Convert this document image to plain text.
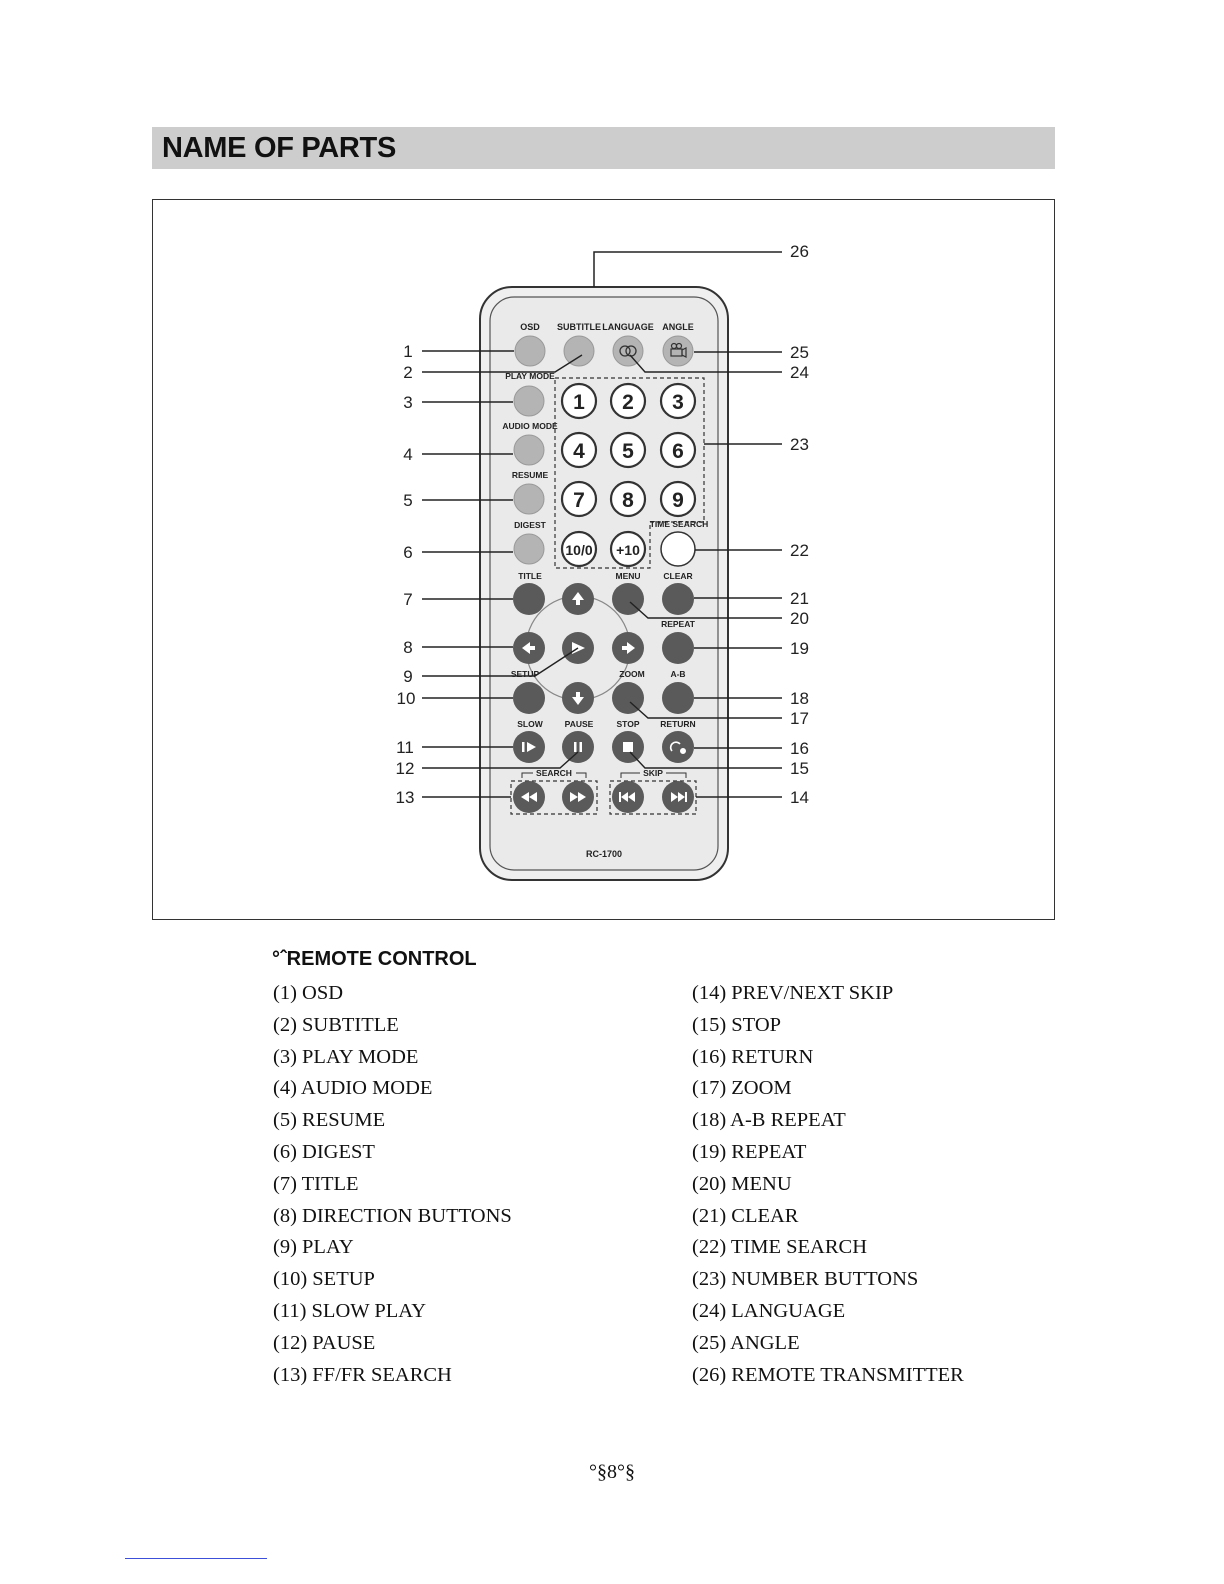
NAME OF PARTS
OSD SUBTITLE LANGUAGE ANGLE
PLAY MODE
AUDIO MODE
RESUME
DIGEST
1 2 3
4 5 6
7 8 9
10/0 +10
TIME SEARCH
TITLE	MENU	CLEAR
REPEAT
SETUP	ZOOM	A-B
SLOW	PAUSE	STOP RETURN
SEARCH	SKIP
RC-1700
1
2
3
4
5
6
7
8
9
10
11
12
13	14
15
16
17
18
19
20
21
22
23
24
25
26
°ˆREMOTE CONTROL
(1) OSD
(2) SUBTITLE
(3) PLAY MODE
(4) AUDIO MODE
(5) RESUME
(6) DIGEST
(7) TITLE
(8) DIRECTION BUTTONS
(9) PLAY
(10) SETUP
(11) SLOW PLAY
(12) PAUSE
(13) FF/FR SEARCH
(14) PREV/NEXT SKIP
(15) STOP
(16) RETURN
(17) ZOOM
(18) A-B REPEAT
(19) REPEAT
(20) MENU
(21) CLEAR
(22) TIME SEARCH
(23) NUMBER BUTTONS
(24) LANGUAGE
(25) ANGLE
(26) REMOTE TRANSMITTER
°§8°§
